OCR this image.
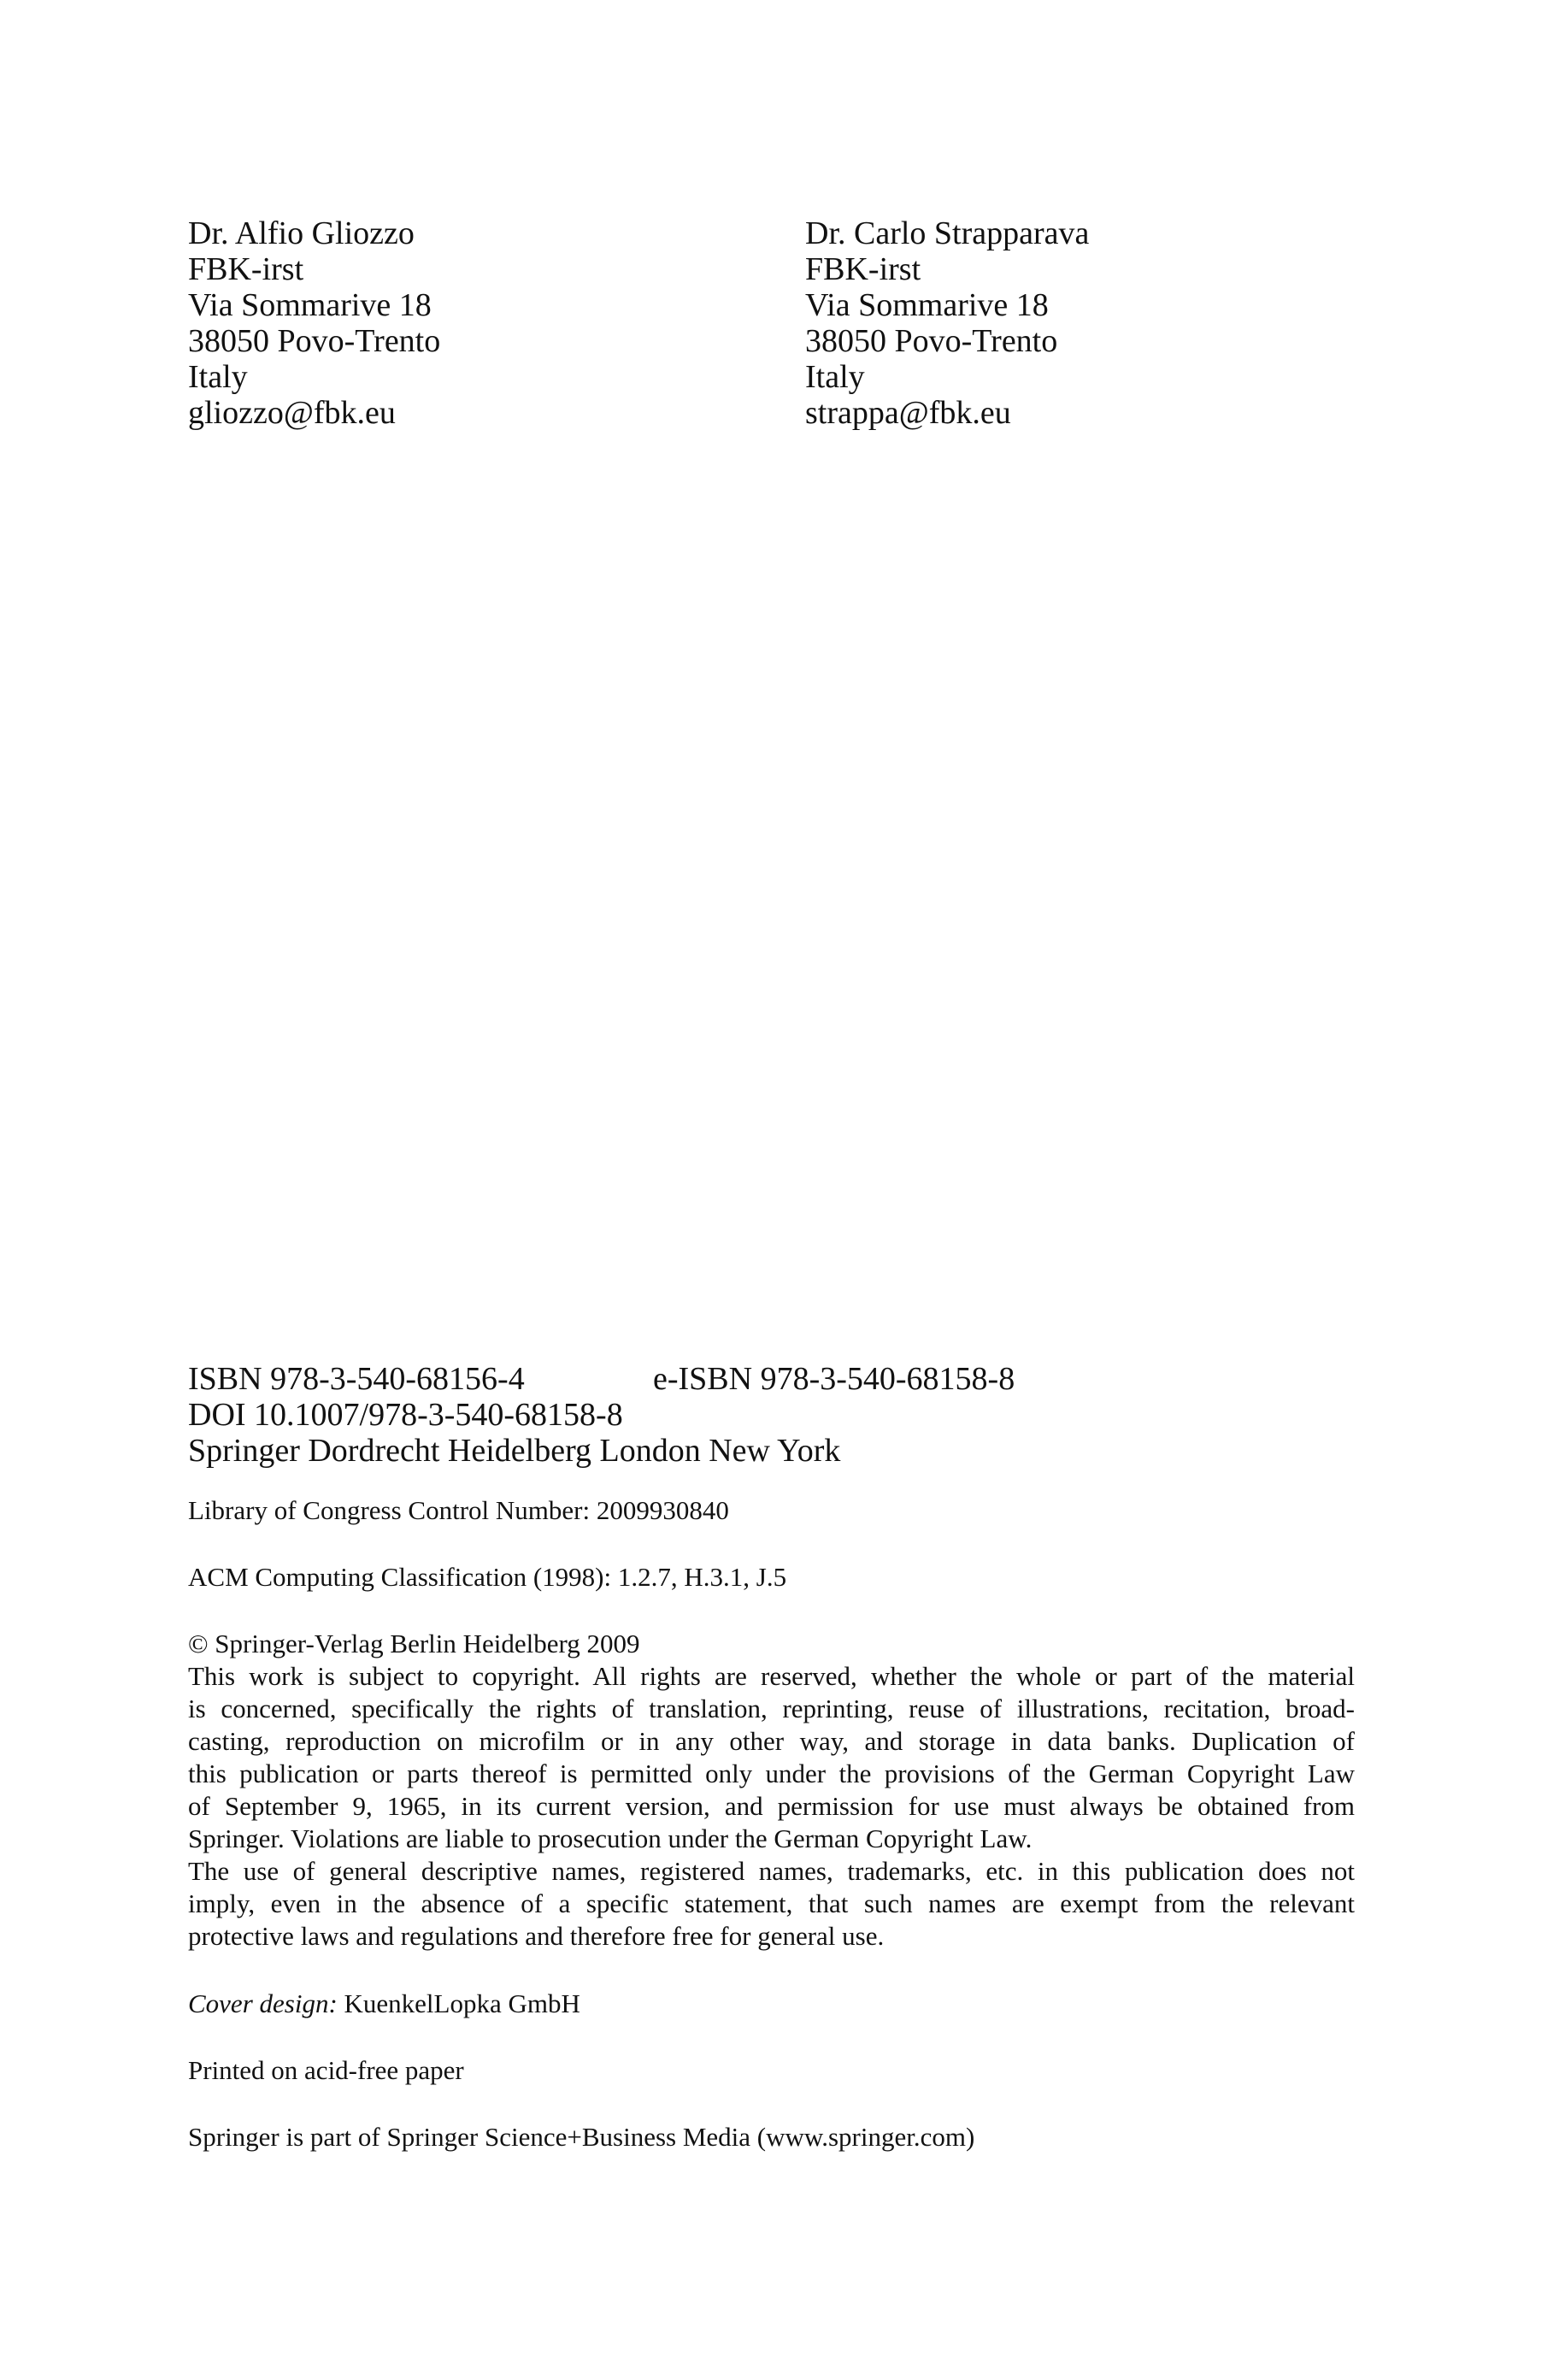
Dr. Alfio Gliozzo
FBK-irst
Via Sommarive 18
38050 Povo-Trento
Italy
gliozzo@fbk.eu
Dr. Carlo Strapparava
FBK-irst
Via Sommarive 18
38050 Povo-Trento
Italy
strappa@fbk.eu
ISBN 978-3-540-68156-4	e-ISBN 978-3-540-68158-8
DOI 10.1007/978-3-540-68158-8
Springer Dordrecht Heidelberg London New York
Library of Congress Control Number: 2009930840
ACM Computing Classification (1998): 1.2.7, H.3.1, J.5
© Springer-Verlag Berlin Heidelberg 2009
This work is subject to copyright. All rights are reserved, whether the whole or part of the material
is concerned, specifically the rights of translation, reprinting, reuse of illustrations, recitation, broad-
casting, reproduction on microfilm or in any other way, and storage in data banks. Duplication of
this publication or parts thereof is permitted only under the provisions of the German Copyright Law
of September 9, 1965, in its current version, and permission for use must always be obtained from
Springer. Violations are liable to prosecution under the German Copyright Law.
The use of general descriptive names, registered names, trademarks, etc. in this publication does not
imply, even in the absence of a specific statement, that such names are exempt from the relevant
protective laws and regulations and therefore free for general use.
Cover design: KuenkelLopka GmbH
Printed on acid-free paper
Springer is part of Springer Science+Business Media (www.springer.com)
